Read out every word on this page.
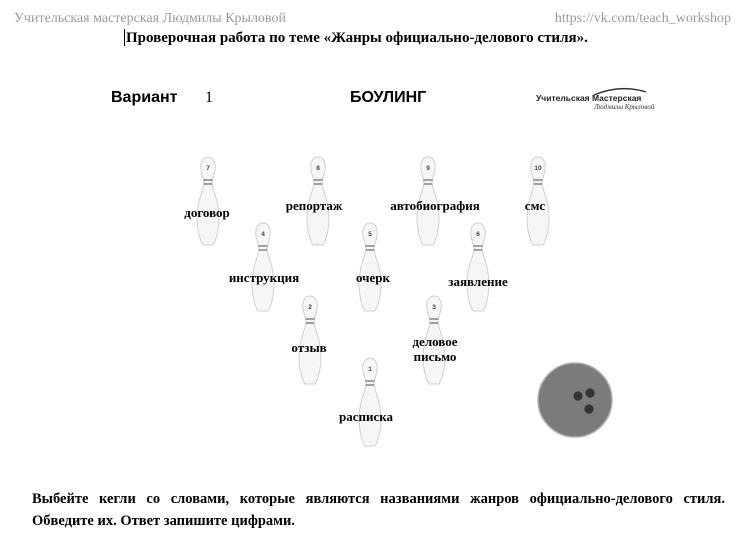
Учительская мастерская Людмилы Крыловой	https://vk.com/teach_workshop
Проверочная работа по теме «Жанры официально-делового стиля».
Вариант 1	БОУЛИНГ	Учительская Мастерская
Людмилы Крыловой
7	8	9	10
4	5	6
2	3
1
договор	репортаж	автобиография	смс
инструкция	очерк	заявление
отзыв	деловое письмо
расписка
Выбейте кегли со словами, которые являются названиями жанров официально-делового стиля. Обведите их. Ответ запишите цифрами.
